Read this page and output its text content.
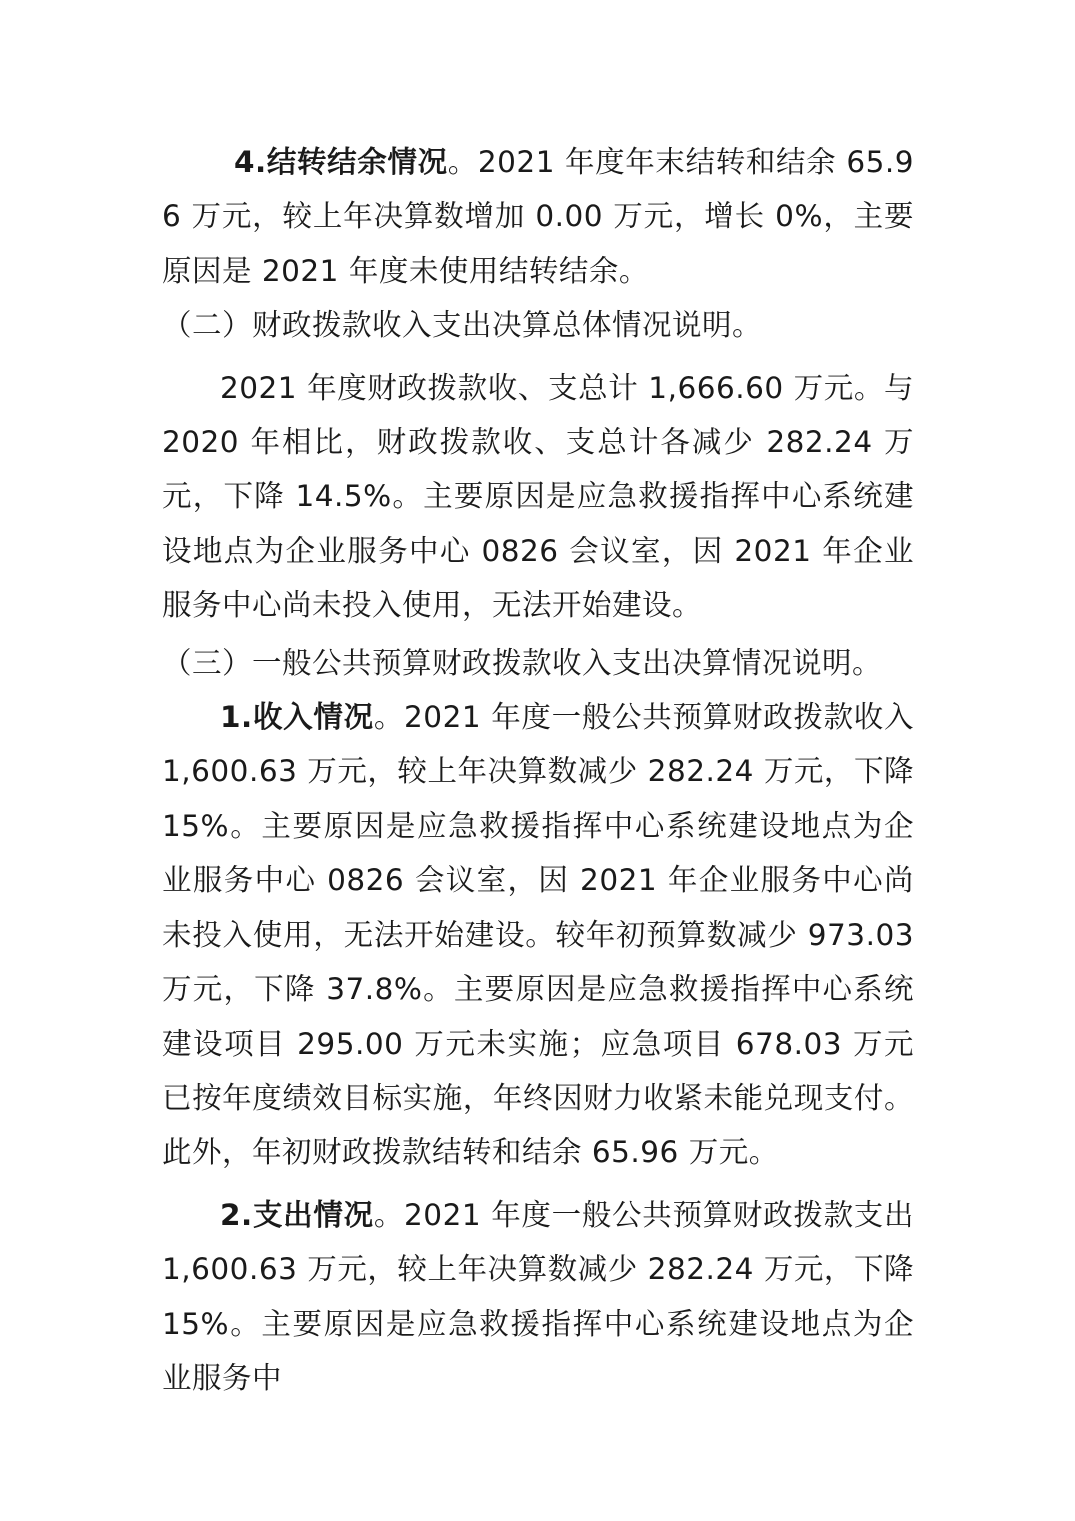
4.结转结余情况。2021 年度年末结转和结余 65.96 万元，较上年决算数增加 0.00 万元，增长 0%，主要原因是 2021 年度未使用结转结余。

（二）财政拨款收入支出决算总体情况说明。

2021 年度财政拨款收、支总计 1,666.60 万元。与 2020 年相比，财政拨款收、支总计各减少 282.24 万元，下降 14.5%。主要原因是应急救援指挥中心系统建设地点为企业服务中心 0826 会议室，因 2021 年企业服务中心尚未投入使用，无法开始建设。

（三）一般公共预算财政拨款收入支出决算情况说明。

1.收入情况。2021 年度一般公共预算财政拨款收入 1,600.63 万元，较上年决算数减少 282.24 万元，下降 15%。主要原因是应急救援指挥中心系统建设地点为企业服务中心 0826 会议室，因 2021 年企业服务中心尚未投入使用，无法开始建设。较年初预算数减少 973.03 万元，下降 37.8%。主要原因是应急救援指挥中心系统建设项目 295.00 万元未实施；应急项目 678.03 万元已按年度绩效目标实施，年终因财力收紧未能兑现支付。此外，年初财政拨款结转和结余 65.96 万元。

2.支出情况。2021 年度一般公共预算财政拨款支出 1,600.63 万元，较上年决算数减少 282.24 万元，下降 15%。主要原因是应急救援指挥中心系统建设地点为企业服务中
